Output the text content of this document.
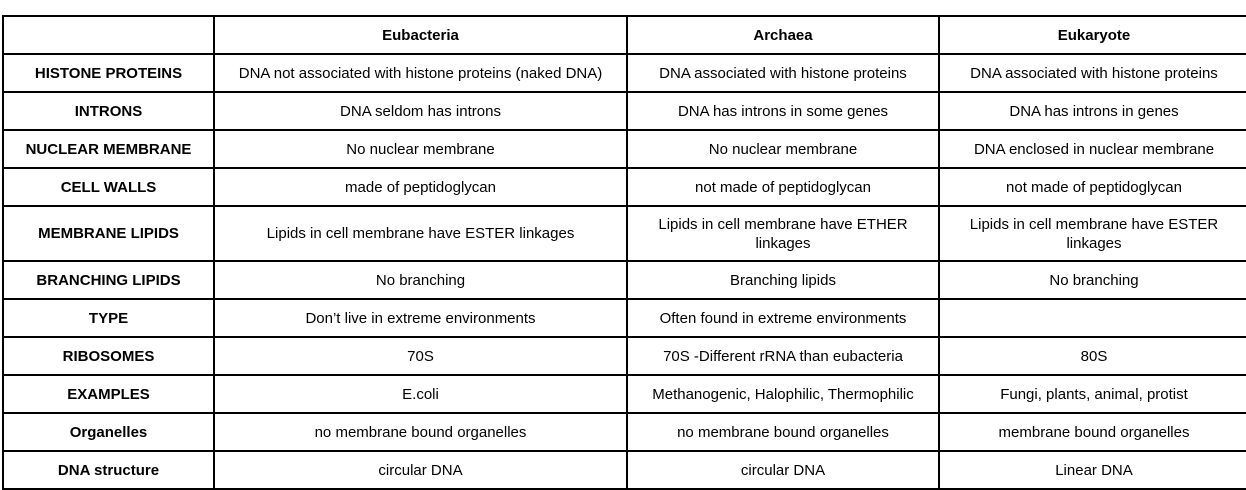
	Eubacteria	Archaea	Eukaryote
HISTONE PROTEINS	DNA not associated with histone proteins (naked DNA)	DNA associated with histone proteins	DNA associated with histone proteins
INTRONS	DNA seldom has introns	DNA has introns in some genes	DNA has introns in genes
NUCLEAR MEMBRANE	No nuclear membrane	No nuclear membrane	DNA enclosed in nuclear membrane
CELL WALLS	made of peptidoglycan	not made of peptidoglycan	not made of peptidoglycan
MEMBRANE LIPIDS	Lipids in cell membrane have ESTER linkages	Lipids in cell membrane have ETHER linkages	Lipids in cell membrane have ESTER linkages
BRANCHING LIPIDS	No branching	Branching lipids	No branching
TYPE	Don’t live in extreme environments	Often found in extreme environments	
RIBOSOMES	70S	70S -Different rRNA than eubacteria	80S
EXAMPLES	E.coli	Methanogenic, Halophilic, Thermophilic	Fungi, plants, animal, protist
Organelles	no membrane bound organelles	no membrane bound organelles	membrane bound organelles
DNA structure	circular DNA	circular DNA	Linear DNA
